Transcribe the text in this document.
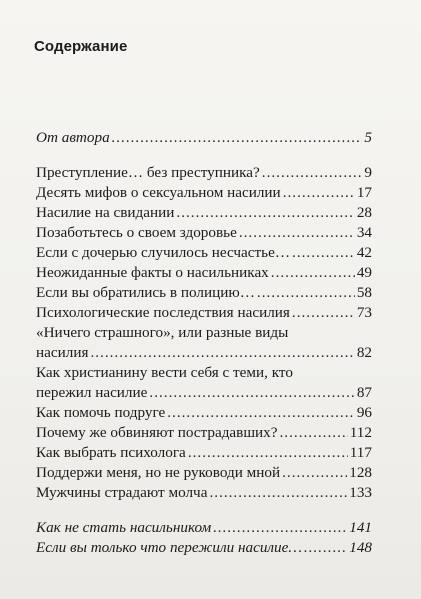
Содержание
От автора .....	5
Преступление… без преступника? .....	9
Десять мифов о сексуальном насилии .....	17
Насилие на свидании .....	28
Позаботьтесь о своем здоровье .....	34
Если с дочерью случилось несчастье… .....	42
Неожиданные факты о насильниках .....	49
Если вы обратились в полицию… .....	58
Психологические последствия насилия .....	73
«Ничего страшного», или разные виды
насилия .....	82
Как христианину вести себя с теми, кто
пережил насилие .....	87
Как помочь подруге .....	96
Почему же обвиняют пострадавших? .....	112
Как выбрать психолога .....	117
Поддержи меня, но не руководи мной .....	128
Мужчины страдают молча .....	133
Как не стать насильником .....	141
Если вы только что пережили насилие… .....	148
